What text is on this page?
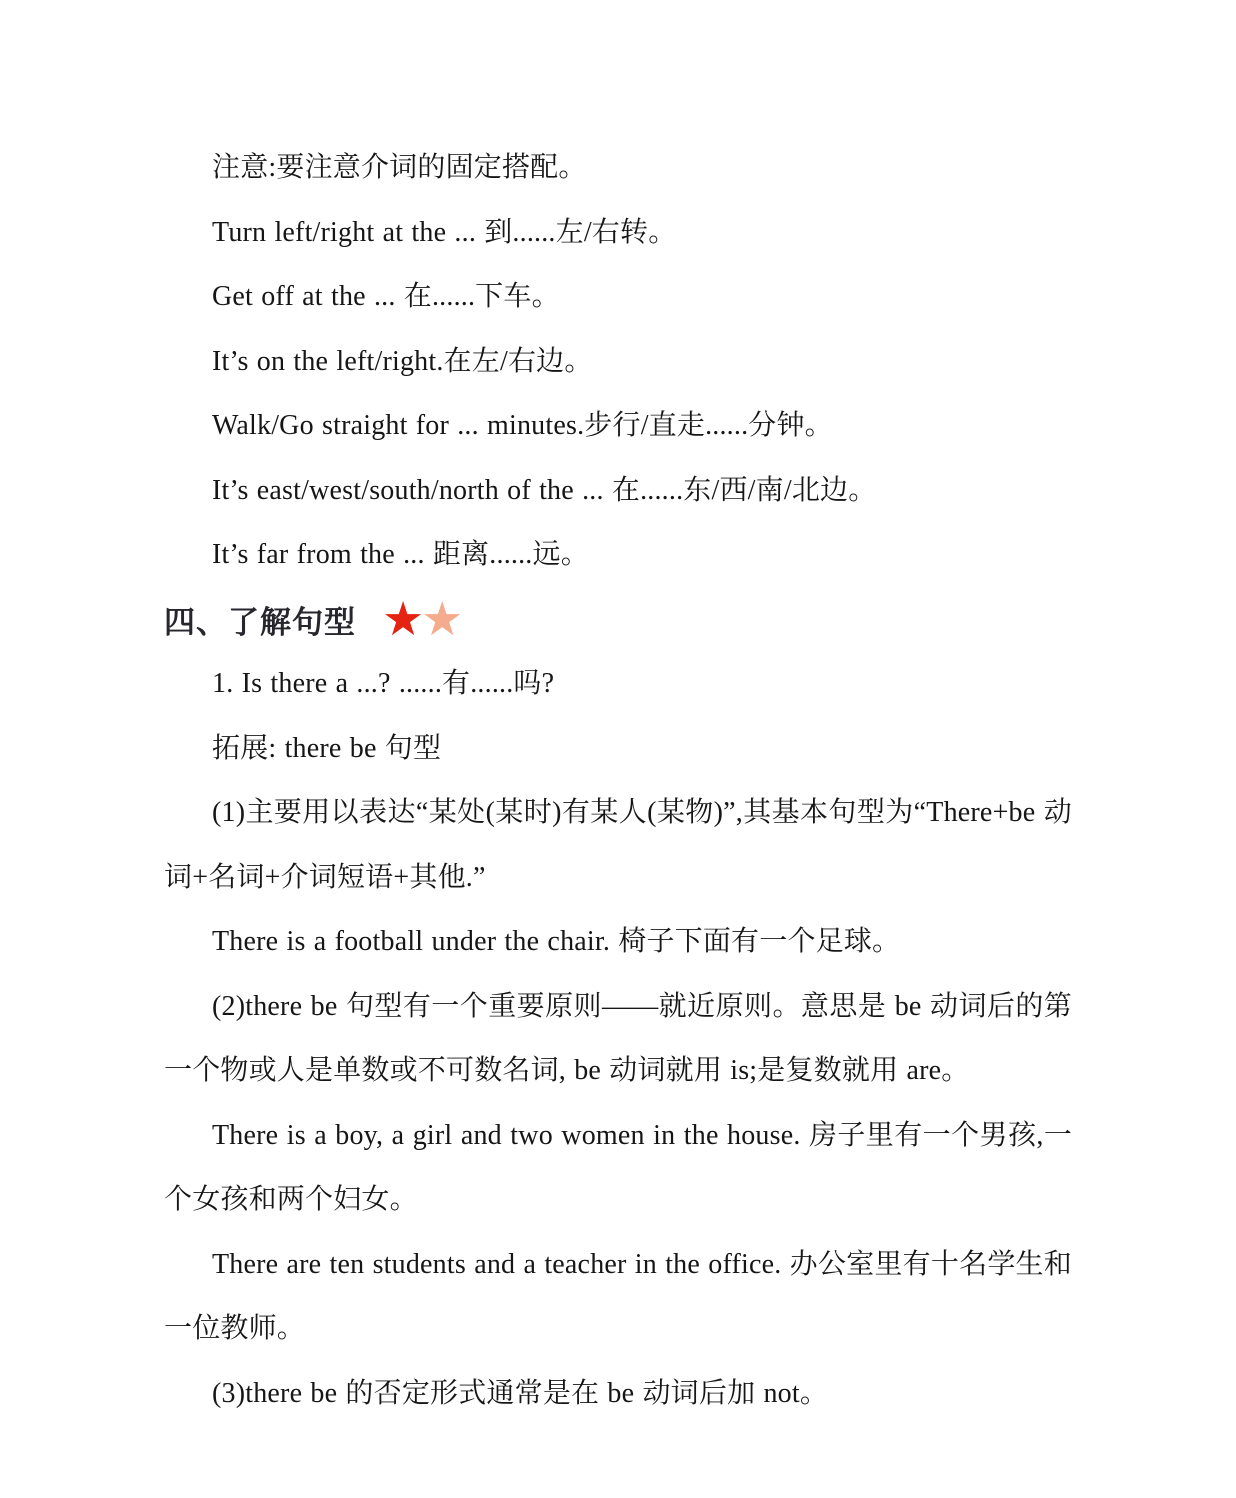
注意:要注意介词的固定搭配。

Turn left/right at the ... 到......左/右转。

Get off at the ... 在......下车。

It’s on the left/right.在左/右边。

Walk/Go straight for ... minutes.步行/直走......分钟。

It’s east/west/south/north of the ... 在......东/西/南/北边。

It’s far from the ... 距离......远。

四、了解句型 ★
★

1. Is there a ...? ......有......吗?

拓展: there be 句型

(1)主要用以表达“某处(某时)有某人(某物)”,其基本句型为“There+be 动词+名词+介词短语+其他.”

There is a football under the chair. 椅子下面有一个足球。

(2)there be 句型有一个重要原则——就近原则。意思是 be 动词后的第一个物或人是单数或不可数名词, be 动词就用 is;是复数就用 are。

There is a boy, a girl and two women in the house. 房子里有一个男孩,一个女孩和两个妇女。

There are ten students and a teacher in the office. 办公室里有十名学生和一位教师。

(3)there be 的否定形式通常是在 be 动词后加 not。
